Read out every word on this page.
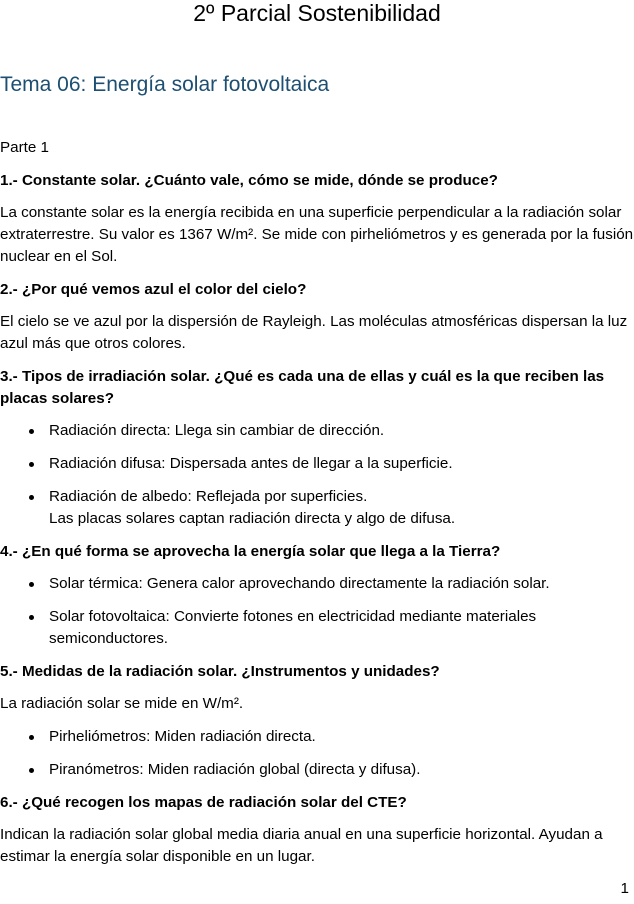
2º Parcial Sostenibilidad
Tema 06: Energía solar fotovoltaica

Parte 1

1.- Constante solar. ¿Cuánto vale, cómo se mide, dónde se produce?

La constante solar es la energía recibida en una superficie perpendicular a la radiación solar extraterrestre. Su valor es 1367 W/m². Se mide con pirheliómetros y es generada por la fusión nuclear en el Sol.

2.- ¿Por qué vemos azul el color del cielo?

El cielo se ve azul por la dispersión de Rayleigh. Las moléculas atmosféricas dispersan la luz azul más que otros colores.

3.- Tipos de irradiación solar. ¿Qué es cada una de ellas y cuál es la que reciben las placas solares?

Radiación directa: Llega sin cambiar de dirección.
Radiación difusa: Dispersada antes de llegar a la superficie.
Radiación de albedo: Reflejada por superficies.
Las placas solares captan radiación directa y algo de difusa.

4.- ¿En qué forma se aprovecha la energía solar que llega a la Tierra?

Solar térmica: Genera calor aprovechando directamente la radiación solar.
Solar fotovoltaica: Convierte fotones en electricidad mediante materiales semiconductores.

5.- Medidas de la radiación solar. ¿Instrumentos y unidades?

La radiación solar se mide en W/m².

Pirheliómetros: Miden radiación directa.
Piranómetros: Miden radiación global (directa y difusa).

6.- ¿Qué recogen los mapas de radiación solar del CTE?

Indican la radiación solar global media diaria anual en una superficie horizontal. Ayudan a estimar la energía solar disponible en un lugar.

1
